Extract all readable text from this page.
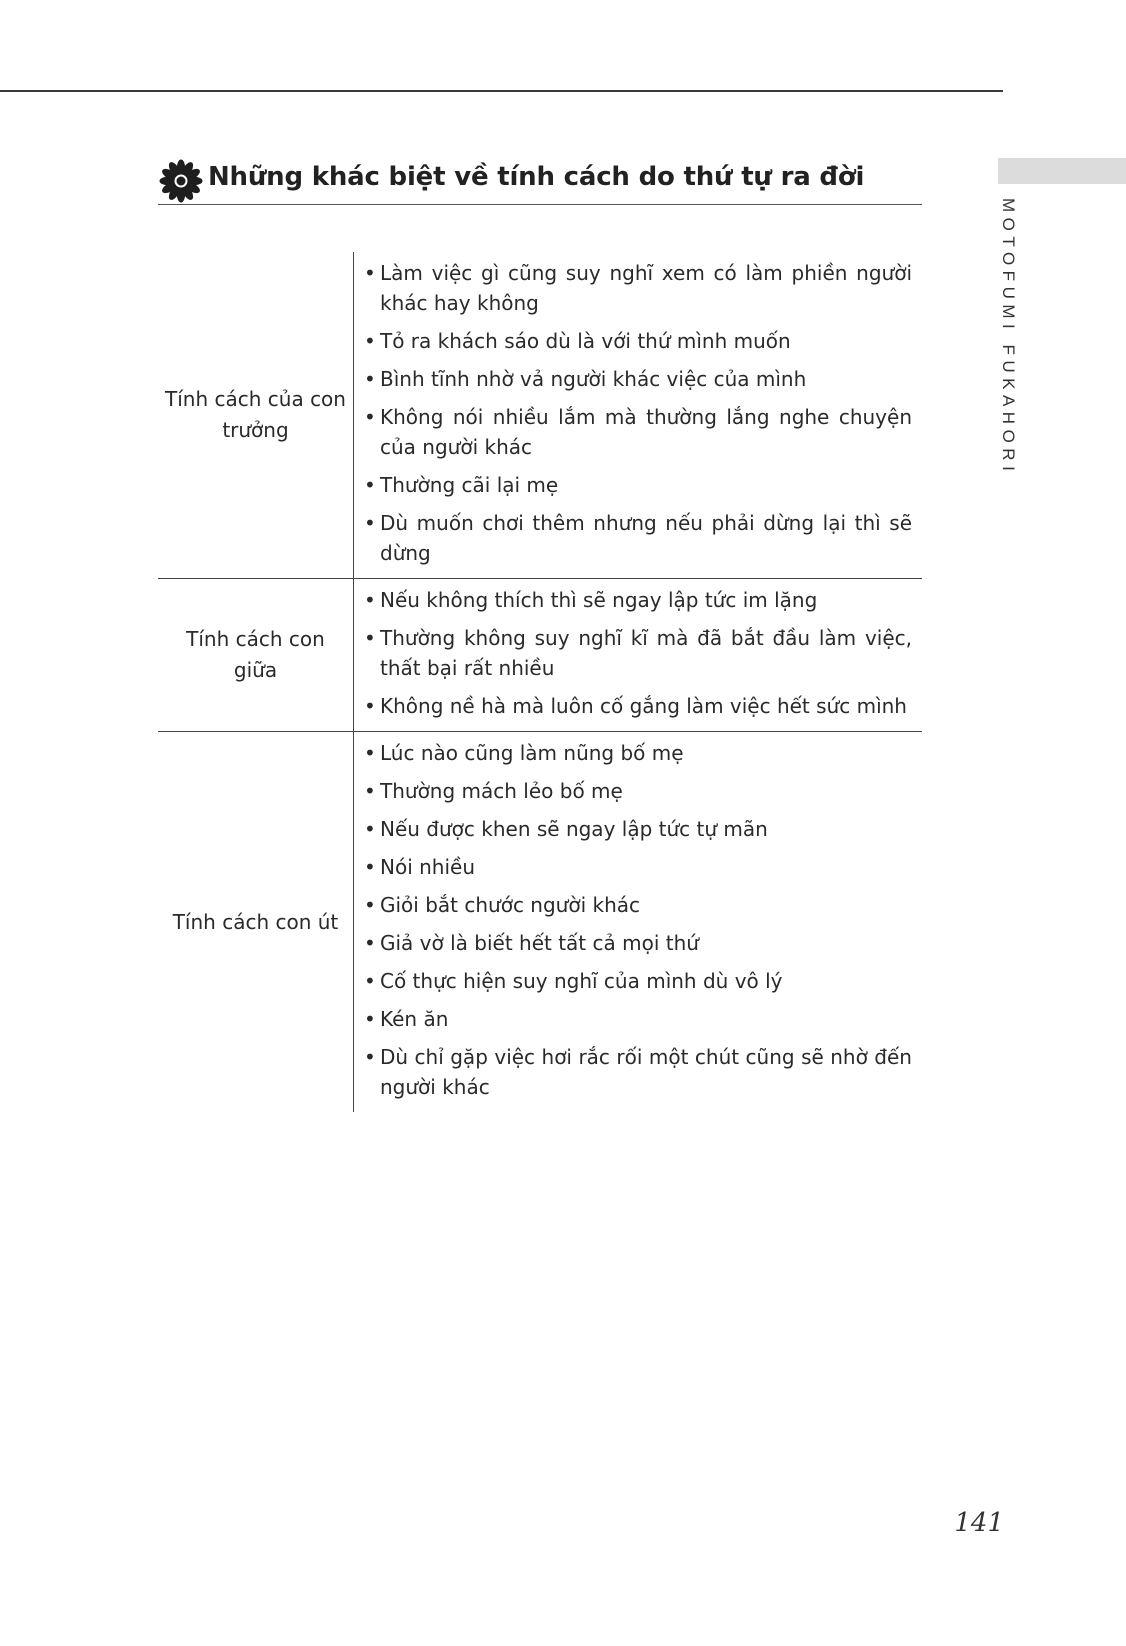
MOTOFUMI FUKAHORI
Những khác biệt về tính cách do thứ tự ra đời
Tính cách của con trưởng
• Làm việc gì cũng suy nghĩ xem có làm phiền người khác hay không
• Tỏ ra khách sáo dù là với thứ mình muốn
• Bình tĩnh nhờ vả người khác việc của mình
• Không nói nhiều lắm mà thường lắng nghe chuyện của người khác
• Thường cãi lại mẹ
• Dù muốn chơi thêm nhưng nếu phải dừng lại thì sẽ dừng
Tính cách con giữa
• Nếu không thích thì sẽ ngay lập tức im lặng
• Thường không suy nghĩ kĩ mà đã bắt đầu làm việc, thất bại rất nhiều
• Không nề hà mà luôn cố gắng làm việc hết sức mình
Tính cách con út
• Lúc nào cũng làm nũng bố mẹ
• Thường mách lẻo bố mẹ
• Nếu được khen sẽ ngay lập tức tự mãn
• Nói nhiều
• Giỏi bắt chước người khác
• Giả vờ là biết hết tất cả mọi thứ
• Cố thực hiện suy nghĩ của mình dù vô lý
• Kén ăn
• Dù chỉ gặp việc hơi rắc rối một chút cũng sẽ nhờ đến người khác
141
